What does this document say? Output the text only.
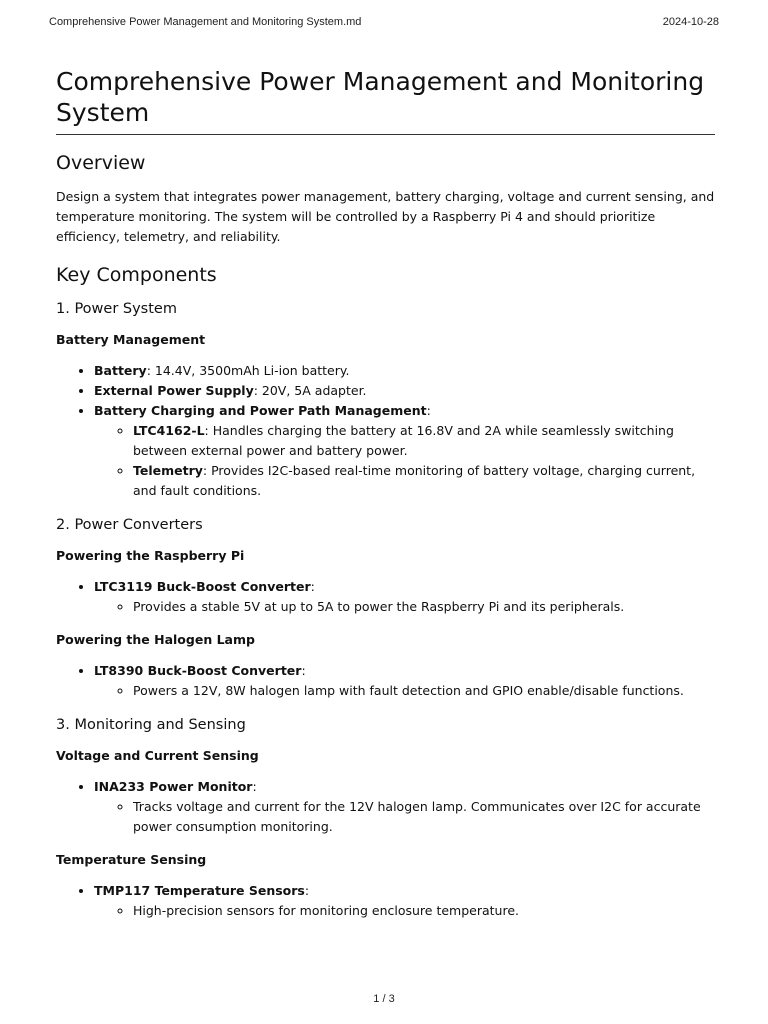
Comprehensive Power Management and Monitoring System.md	2024-10-28
Comprehensive Power Management and Monitoring System
Overview

Design a system that integrates power management, battery charging, voltage and current sensing, and temperature monitoring. The system will be controlled by a Raspberry Pi 4 and should prioritize efficiency, telemetry, and reliability.

Key Components
1. Power System
Battery Management
• Battery: 14.4V, 3500mAh Li-ion battery.
• External Power Supply: 20V, 5A adapter.
• Battery Charging and Power Path Management:
◦ LTC4162-L: Handles charging the battery at 16.8V and 2A while seamlessly switching between external power and battery power.
◦ Telemetry: Provides I2C-based real-time monitoring of battery voltage, charging current, and fault conditions.
2. Power Converters
Powering the Raspberry Pi
• LTC3119 Buck-Boost Converter:
◦ Provides a stable 5V at up to 5A to power the Raspberry Pi and its peripherals.
Powering the Halogen Lamp
• LT8390 Buck-Boost Converter:
◦ Powers a 12V, 8W halogen lamp with fault detection and GPIO enable/disable functions.
3. Monitoring and Sensing
Voltage and Current Sensing
• INA233 Power Monitor:
◦ Tracks voltage and current for the 12V halogen lamp. Communicates over I2C for accurate power consumption monitoring.
Temperature Sensing
• TMP117 Temperature Sensors:
◦ High-precision sensors for monitoring enclosure temperature.
1 / 3
